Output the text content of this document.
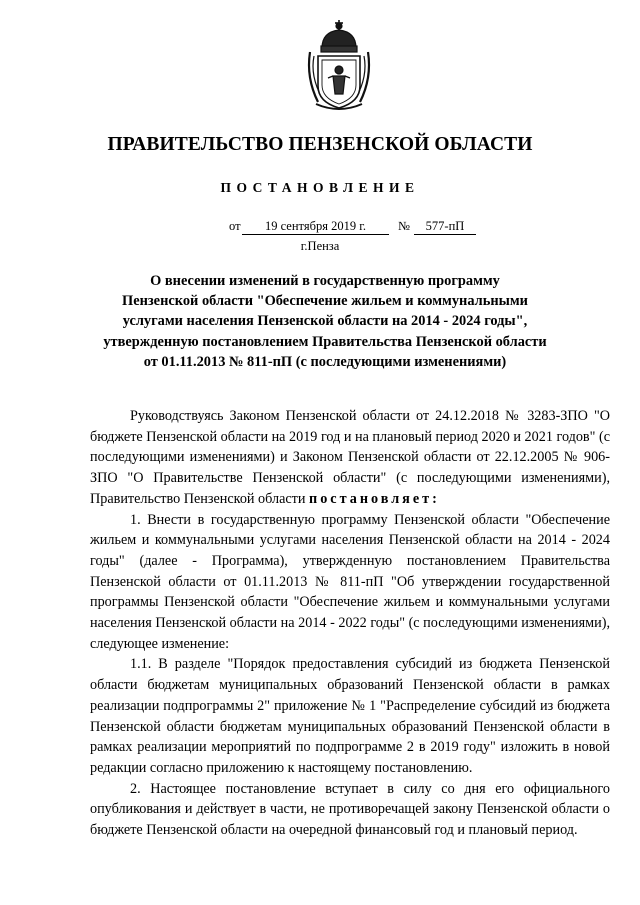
ПРАВИТЕЛЬСТВО ПЕНЗЕНСКОЙ ОБЛАСТИ
ПОСТАНОВЛЕНИЕ
от	19 сентября 2019 г.	№	577-пП
г.Пенза
О внесении изменений в государственную программу
Пензенской области "Обеспечение жильем и коммунальными
услугами населения Пензенской области на 2014 - 2024 годы",
утвержденную постановлением Правительства Пензенской области
от 01.11.2013 № 811-пП (с последующими изменениями)

Руководствуясь Законом Пензенской области от 24.12.2018 № 3283-ЗПО "О бюджете Пензенской области на 2019 год и на плановый период 2020 и 2021 годов" (с последующими изменениями) и Законом Пензенской области от 22.12.2005 № 906-ЗПО "О Правительстве Пензенской области" (с последующими изменениями), Правительство Пензенской области постановляет:

1. Внести в государственную программу Пензенской области "Обеспечение жильем и коммунальными услугами населения Пензенской области на 2014 - 2024 годы" (далее - Программа), утвержденную постановлением Правительства Пензенской области от 01.11.2013 № 811-пП "Об утверждении государственной программы Пензенской области "Обеспечение жильем и коммунальными услугами населения Пензенской области на 2014 - 2022 годы" (с последующими изменениями), следующее изменение:

1.1. В разделе "Порядок предоставления субсидий из бюджета Пензенской области бюджетам муниципальных образований Пензенской области в рамках реализации подпрограммы 2" приложение № 1 "Распределение субсидий из бюджета Пензенской области бюджетам муниципальных образований Пензенской области в рамках реализации мероприятий по подпрограмме 2 в 2019 году" изложить в новой редакции согласно приложению к настоящему постановлению.

2. Настоящее постановление вступает в силу со дня его официального опубликования и действует в части, не противоречащей закону Пензенской области о бюджете Пензенской области на очередной финансовый год и плановый период.
